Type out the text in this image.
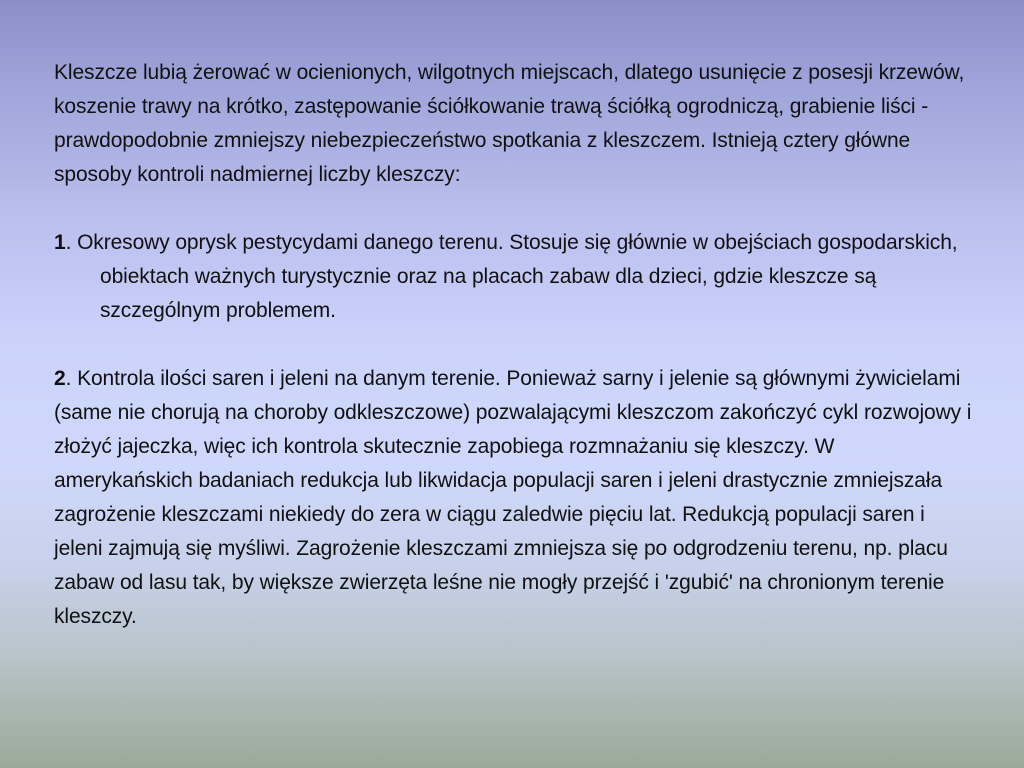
Kleszcze lubią żerować w ocienionych, wilgotnych miejscach, dlatego usunięcie z posesji krzewów, koszenie trawy na krótko, zastępowanie ściółkowanie trawą ściółką ogrodniczą, grabienie liści - prawdopodobnie zmniejszy niebezpieczeństwo spotkania z kleszczem. Istnieją cztery główne sposoby kontroli nadmiernej liczby kleszczy:

1. Okresowy oprysk pestycydami danego terenu. Stosuje się głównie w obejściach gospodarskich, obiektach ważnych turystycznie oraz na placach zabaw dla dzieci, gdzie kleszcze są szczególnym problemem.

2. Kontrola ilości saren i jeleni na danym terenie. Ponieważ sarny i jelenie są głównymi żywicielami (same nie chorują na choroby odkleszczowe) pozwalającymi kleszczom zakończyć cykl rozwojowy i złożyć jajeczka, więc ich kontrola skutecznie zapobiega rozmnażaniu się kleszczy. W amerykańskich badaniach redukcja lub likwidacja populacji saren i jeleni drastycznie zmniejszała zagrożenie kleszczami niekiedy do zera w ciągu zaledwie pięciu lat. Redukcją populacji saren i jeleni zajmują się myśliwi. Zagrożenie kleszczami zmniejsza się po odgrodzeniu terenu, np. placu zabaw od lasu tak, by większe zwierzęta leśne nie mogły przejść i 'zgubić' na chronionym terenie kleszczy.
